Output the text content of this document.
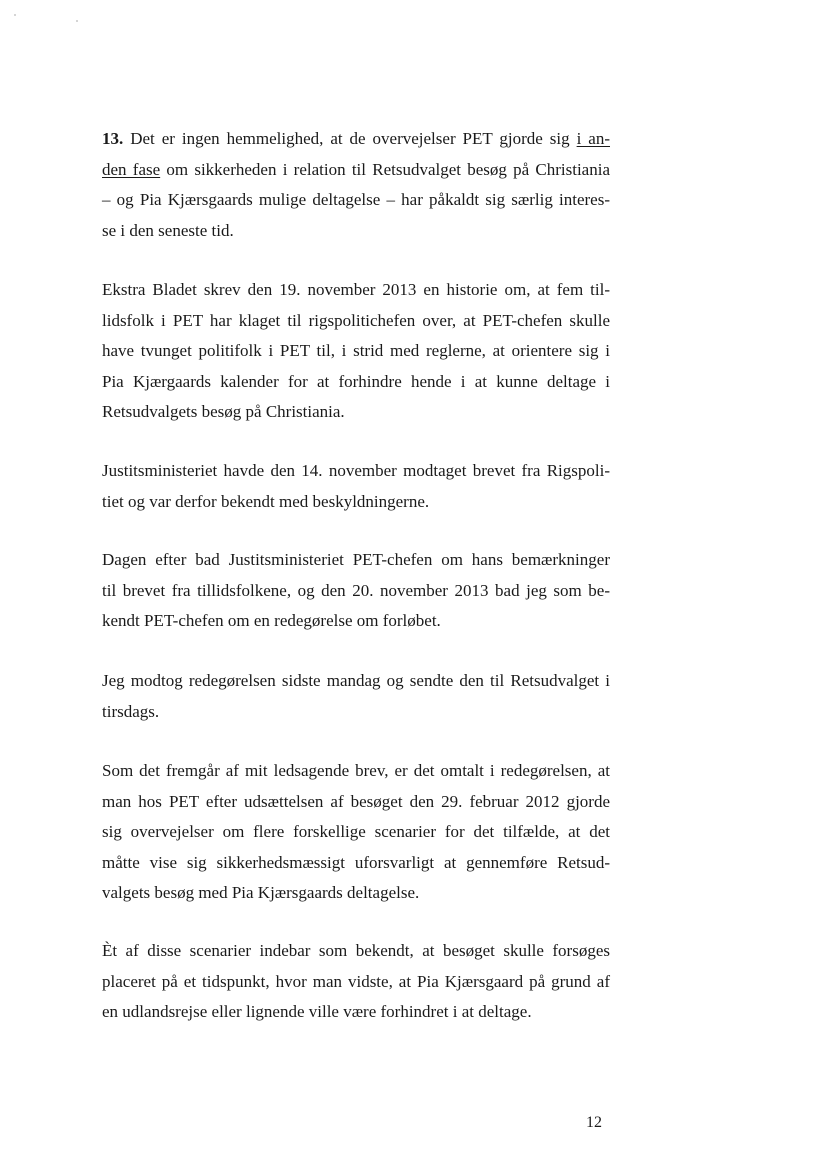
13. Det er ingen hemmelighed, at de overvejelser PET gjorde sig i an-
den fase om sikkerheden i relation til Retsudvalget besøg på Christiania
– og Pia Kjærsgaards mulige deltagelse – har påkaldt sig særlig interes-
se i den seneste tid.

Ekstra Bladet skrev den 19. november 2013 en historie om, at fem til-
lidsfolk i PET har klaget til rigspolitichefen over, at PET-chefen skulle
have tvunget politifolk i PET til, i strid med reglerne, at orientere sig i
Pia Kjærgaards kalender for at forhindre hende i at kunne deltage i
Retsudvalgets besøg på Christiania.

Justitsministeriet havde den 14. november modtaget brevet fra Rigspoli-
tiet og var derfor bekendt med beskyldningerne.

Dagen efter bad Justitsministeriet PET-chefen om hans bemærkninger
til brevet fra tillidsfolkene, og den 20. november 2013 bad jeg som be-
kendt PET-chefen om en redegørelse om forløbet.

Jeg modtog redegørelsen sidste mandag og sendte den til Retsudvalget i
tirsdags.

Som det fremgår af mit ledsagende brev, er det omtalt i redegørelsen, at
man hos PET efter udsættelsen af besøget den 29. februar 2012 gjorde
sig overvejelser om flere forskellige scenarier for det tilfælde, at det
måtte vise sig sikkerhedsmæssigt uforsvarligt at gennemføre Retsud-
valgets besøg med Pia Kjærsgaards deltagelse.

Èt af disse scenarier indebar som bekendt, at besøget skulle forsøges
placeret på et tidspunkt, hvor man vidste, at Pia Kjærsgaard på grund af
en udlandsrejse eller lignende ville være forhindret i at deltage.

12
